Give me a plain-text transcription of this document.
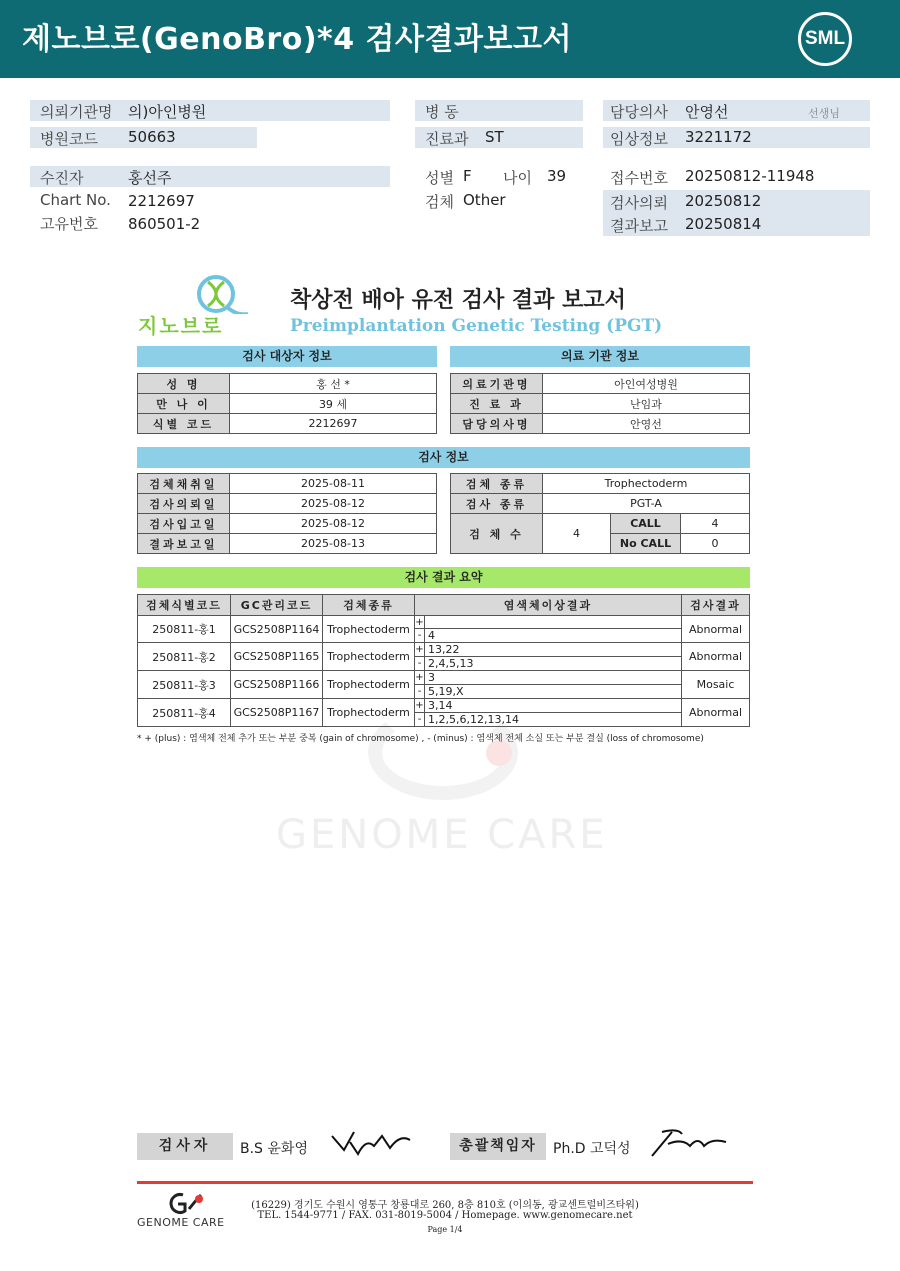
제노브로(GenoBro)*4 검사결과보고서	SML
의뢰기관명 의)아인병원
병원코드 50663
병 동
진료과 ST
담당의사 안영선	선생님
임상정보 3221172
수진자	홍선주
Chart No. 2212697
고유번호 860501-2
성별 F 나이 39
검체 Other
접수번호 20250812-11948
검사의뢰 20250812
결과보고 20250814
GENOME CARE
지노브로
착상전 배아 유전 검사 결과 보고서
Preimplantation Genetic Testing (PGT)
검사 대상자 정보	의료 기관 정보
성 명	홍 선 *
만 나 이	39 세
식별 코드	2212697
의료기관명	아인여성병원
진 료 과	난임과
담당의사명	안영선
검사 정보
검체채취일	2025-08-11
검사의뢰일	2025-08-12
검사입고일	2025-08-12
결과보고일	2025-08-13
검체 종류	Trophectoderm		
검사 종류	PGT-A		
검 체 수	4	CALL	4
		No CALL	0
검사 결과 요약
검체식별코드	GC관리코드	검체종류	염색체이상결과		검사결과
250811-홍1	GCS2508P1164	Trophectoderm	+		Abnormal
			-	4	
250811-홍2	GCS2508P1165	Trophectoderm	+	13,22	Abnormal
			-	2,4,5,13	
250811-홍3	GCS2508P1166	Trophectoderm	+	3	Mosaic
			-	5,19,X	
250811-홍4	GCS2508P1167	Trophectoderm	+	3,14	Abnormal
			-	1,2,5,6,12,13,14	
* + (plus) : 염색체 전체 추가 또는 부분 중복 (gain of chromosome) , - (minus) : 염색체 전체 소실 또는 부분 결실 (loss of chromosome)
검사자	B.S 윤화영	총괄책임자	Ph.D 고덕성
GENOME CARE
(16229) 경기도 수원시 영통구 창룡대로 260, 8층 810호 (이의동, 광교센트럴비즈타워)
TEL. 1544-9771 / FAX. 031-8019-5004 / Homepage. www.genomecare.net
Page 1/4
